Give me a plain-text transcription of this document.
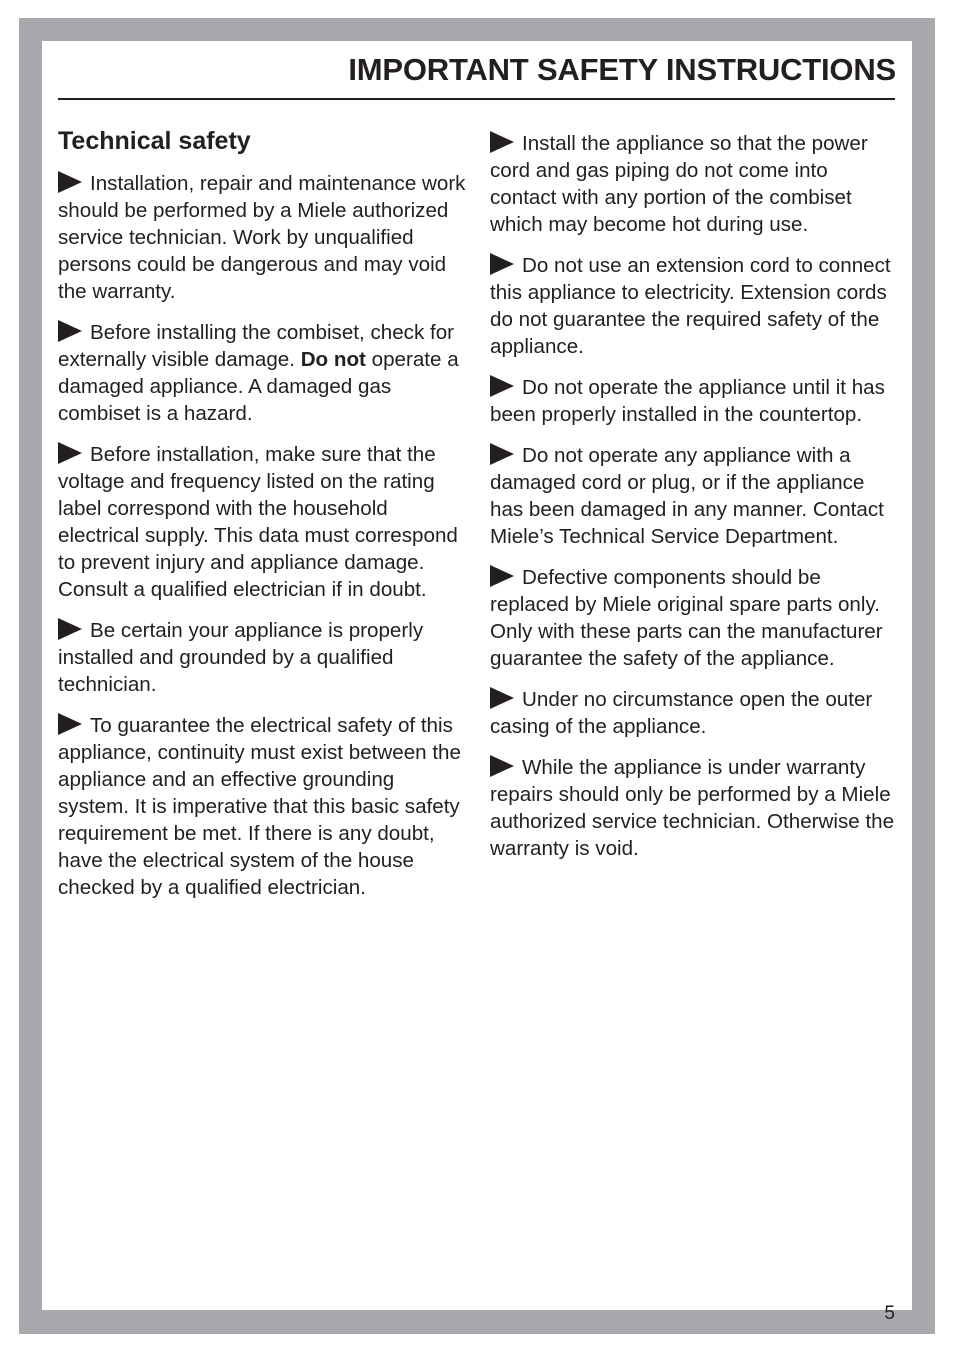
IMPORTANT SAFETY INSTRUCTIONS
Technical safety

Installation, repair and maintenance work should be performed by a Miele authorized service technician. Work by unqualified persons could be dangerous and may void the warranty.

Before installing the combiset, check for externally visible damage. Do not operate a damaged appliance. A damaged gas combiset is a hazard.

Before installation, make sure that the voltage and frequency listed on the rating label correspond with the household electrical supply. This data must correspond to prevent injury and appliance damage. Consult a qualified electrician if in doubt.

Be certain your appliance is properly installed and grounded by a qualified technician.

To guarantee the electrical safety of this appliance, continuity must exist between the appliance and an effective grounding system. It is imperative that this basic safety requirement be met. If there is any doubt, have the electrical system of the house checked by a qualified electrician.

Install the appliance so that the power cord and gas piping do not come into contact with any portion of the combiset which may become hot during use.

Do not use an extension cord to connect this appliance to electricity. Extension cords do not guarantee the required safety of the appliance.

Do not operate the appliance until it has been properly installed in the countertop.

Do not operate any appliance with a damaged cord or plug, or if the appliance has been damaged in any manner. Contact Miele’s Technical Service Department.

Defective components should be replaced by Miele original spare parts only. Only with these parts can the manufacturer guarantee the safety of the appliance.

Under no circumstance open the outer casing of the appliance.

While the appliance is under warranty repairs should only be performed by a Miele authorized service technician. Otherwise the warranty is void.

5
